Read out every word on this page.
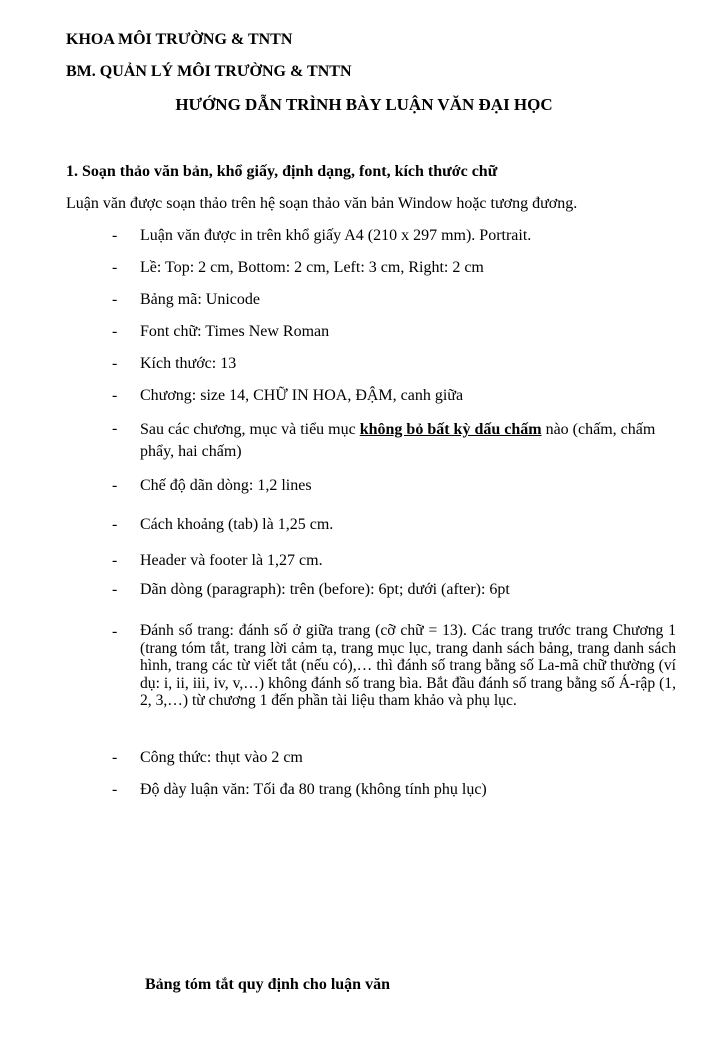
KHOA MÔI TRƯỜNG & TNTN
BM. QUẢN LÝ MÔI TRƯỜNG & TNTN
HƯỚNG DẪN TRÌNH BÀY LUẬN VĂN ĐẠI HỌC
1. Soạn thảo văn bản, khổ giấy, định dạng, font, kích thước chữ
Luận văn được soạn thảo trên hệ soạn thảo văn bản Window hoặc tương đương.
- Luận văn được in trên khổ giấy A4 (210 x 297 mm). Portrait.
- Lề: Top: 2 cm, Bottom: 2 cm, Left: 3 cm, Right: 2 cm
- Bảng mã: Unicode
- Font chữ: Times New Roman
- Kích thước: 13
- Chương: size 14, CHỮ IN HOA, ĐẬM, canh giữa
- Sau các chương, mục và tiểu mục không bỏ bất kỳ dấu chấm nào (chấm, chấm phẩy, hai chấm)
- Chế độ dãn dòng: 1,2 lines
- Cách khoảng (tab) là 1,25 cm.
- Header và footer là 1,27 cm.
- Dãn dòng (paragraph): trên (before): 6pt; dưới (after): 6pt
- Đánh số trang: đánh số ở giữa trang (cỡ chữ = 13). Các trang trước trang Chương 1 (trang tóm tắt, trang lời cảm tạ, trang mục lục, trang danh sách bảng, trang danh sách hình, trang các từ viết tắt (nếu có),… thì đánh số trang bằng số La-mã chữ thường (ví dụ: i, ii, iii, iv, v,…) không đánh số trang bìa. Bắt đầu đánh số trang bằng số Á-rập (1, 2, 3,…) từ chương 1 đến phần tài liệu tham khảo và phụ lục.
- Công thức: thụt vào 2 cm
- Độ dày luận văn: Tối đa 80 trang (không tính phụ lục)
Bảng tóm tắt quy định cho luận văn
